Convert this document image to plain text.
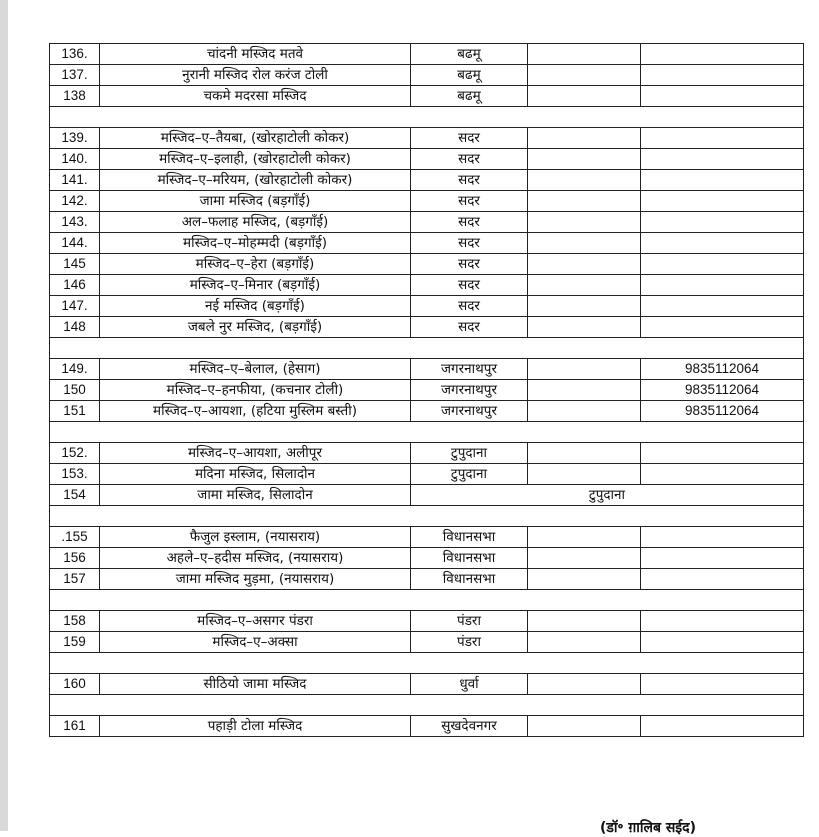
136.	चांदनी मस्जिद मतवे	बढमू		
137.	नुरानी मस्जिद रोल करंज टोली	बढमू		
138	चकमे मदरसा मस्जिद	बढमू		

139.	मस्जिद–ए–तैयबा, (खोरहाटोली कोकर)	सदर		
140.	मस्जिद–ए–इलाही, (खोरहाटोली कोकर)	सदर		
141.	मस्जिद–ए–मरियम, (खोरहाटोली कोकर)	सदर		
142.	जामा मस्जिद (बड़गाँई)	सदर		
143.	अल–फलाह मस्जिद, (बड़गाँई)	सदर		
144.	मस्जिद–ए–मोहम्मदी (बड़गाँई)	सदर		
145	मस्जिद–ए–हेरा (बड़गाँई)	सदर		
146	मस्जिद–ए–मिनार (बड़गाँई)	सदर		
147.	नई मस्जिद (बड़गाँई)	सदर		
148	जबले नुर मस्जिद, (बड़गाँई)	सदर		

149.	मस्जिद–ए–बेलाल, (हेसाग)	जगरनाथपुर		9835112064
150	मस्जिद–ए–हनफीया, (कचनार टोली)	जगरनाथपुर		9835112064
151	मस्जिद–ए–आयशा, (हटिया मुस्लिम बस्ती)	जगरनाथपुर		9835112064

152.	मस्जिद–ए–आयशा, अलीपूर	टुपुदाना		
153.	मदिना मस्जिद, सिलादोन	टुपुदाना		
154	जामा मस्जिद, सिलादोन	टुपुदाना		

.155	फैजुल इस्लाम, (नयासराय)	विधानसभा		
156	अहले–ए–हदीस मस्जिद, (नयासराय)	विधानसभा		
157	जामा मस्जिद मुड़मा, (नयासराय)	विधानसभा		

158	मस्जिद–ए–असगर पंडरा	पंडरा		
159	मस्जिद–ए–अक्सा	पंडरा		

160	सीठियो जामा मस्जिद	धुर्वा		

161	पहाड़ी टोला मस्जिद	सुखदेवनगर		
(डॉ॰ ग़ालिब सईद)
